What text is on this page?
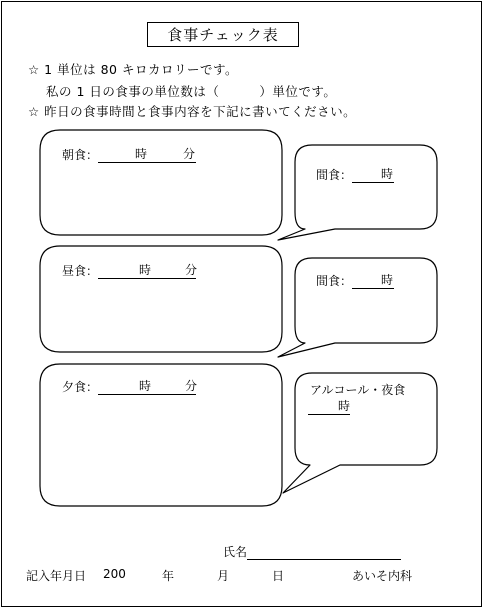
食事チェック表
☆ 1 単位は 80 キロカロリーです。
私の 1 日の食事の単位数は（	）単位です。
☆ 昨日の食事時間と食事内容を下記に書いてください。
朝食：	時	分
間食： 時
昼食：	時	分
間食： 時
夕食：	時	分	アルコール・夜食
時
氏名
記入年月日 200	年	月	日	あいそ内科
